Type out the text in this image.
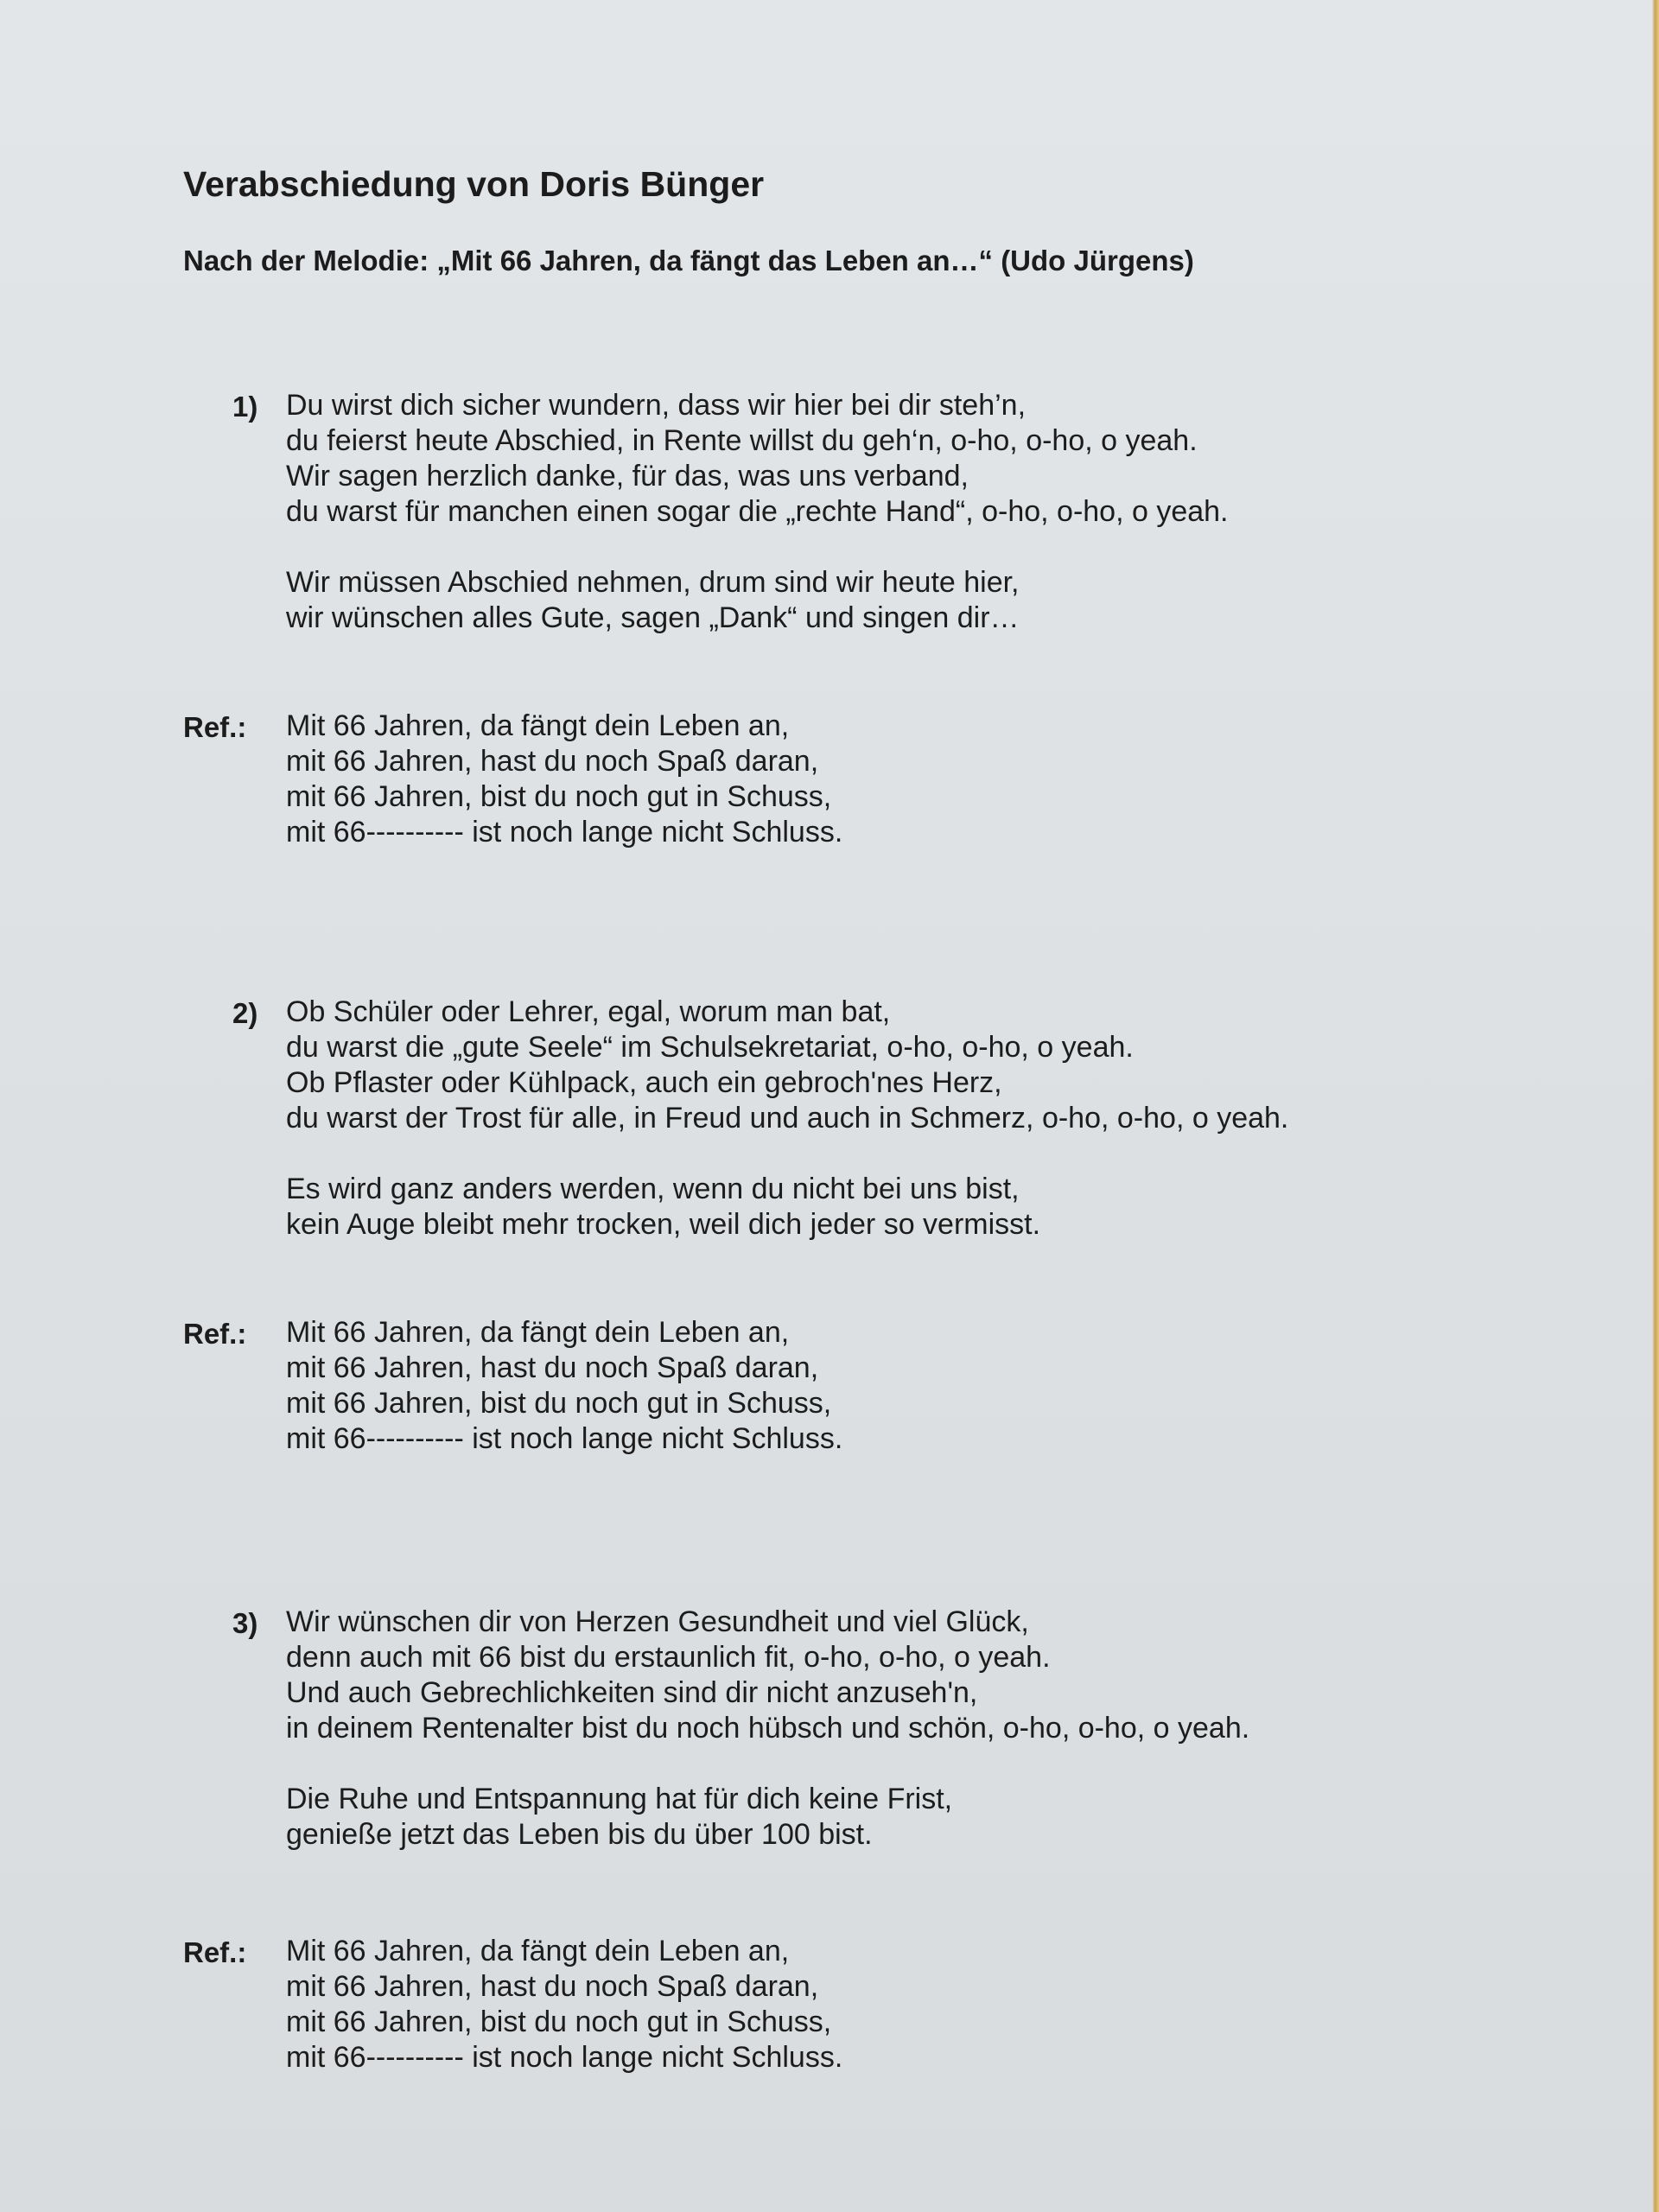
Verabschiedung von Doris Bünger

Nach der Melodie: „Mit 66 Jahren, da fängt das Leben an…“ (Udo Jürgens)

1) Du wirst dich sicher wundern, dass wir hier bei dir steh’n,
du feierst heute Abschied, in Rente willst du geh‘n, o-ho, o-ho, o yeah.
Wir sagen herzlich danke, für das, was uns verband,
du warst für manchen einen sogar die „rechte Hand“, o-ho, o-ho, o yeah.
Wir müssen Abschied nehmen, drum sind wir heute hier,
wir wünschen alles Gute, sagen „Dank“ und singen dir…
Ref.: Mit 66 Jahren, da fängt dein Leben an,
mit 66 Jahren, hast du noch Spaß daran,
mit 66 Jahren, bist du noch gut in Schuss,
mit 66---------- ist noch lange nicht Schluss.
2) Ob Schüler oder Lehrer, egal, worum man bat,
du warst die „gute Seele“ im Schulsekretariat, o-ho, o-ho, o yeah.
Ob Pflaster oder Kühlpack, auch ein gebroch'nes Herz,
du warst der Trost für alle, in Freud und auch in Schmerz, o-ho, o-ho, o yeah.
Es wird ganz anders werden, wenn du nicht bei uns bist,
kein Auge bleibt mehr trocken, weil dich jeder so vermisst.
Ref.: Mit 66 Jahren, da fängt dein Leben an,
mit 66 Jahren, hast du noch Spaß daran,
mit 66 Jahren, bist du noch gut in Schuss,
mit 66---------- ist noch lange nicht Schluss.
3) Wir wünschen dir von Herzen Gesundheit und viel Glück,
denn auch mit 66 bist du erstaunlich fit, o-ho, o-ho, o yeah.
Und auch Gebrechlichkeiten sind dir nicht anzuseh'n,
in deinem Rentenalter bist du noch hübsch und schön, o-ho, o-ho, o yeah.
Die Ruhe und Entspannung hat für dich keine Frist,
genieße jetzt das Leben bis du über 100 bist.
Ref.: Mit 66 Jahren, da fängt dein Leben an,
mit 66 Jahren, hast du noch Spaß daran,
mit 66 Jahren, bist du noch gut in Schuss,
mit 66---------- ist noch lange nicht Schluss.
